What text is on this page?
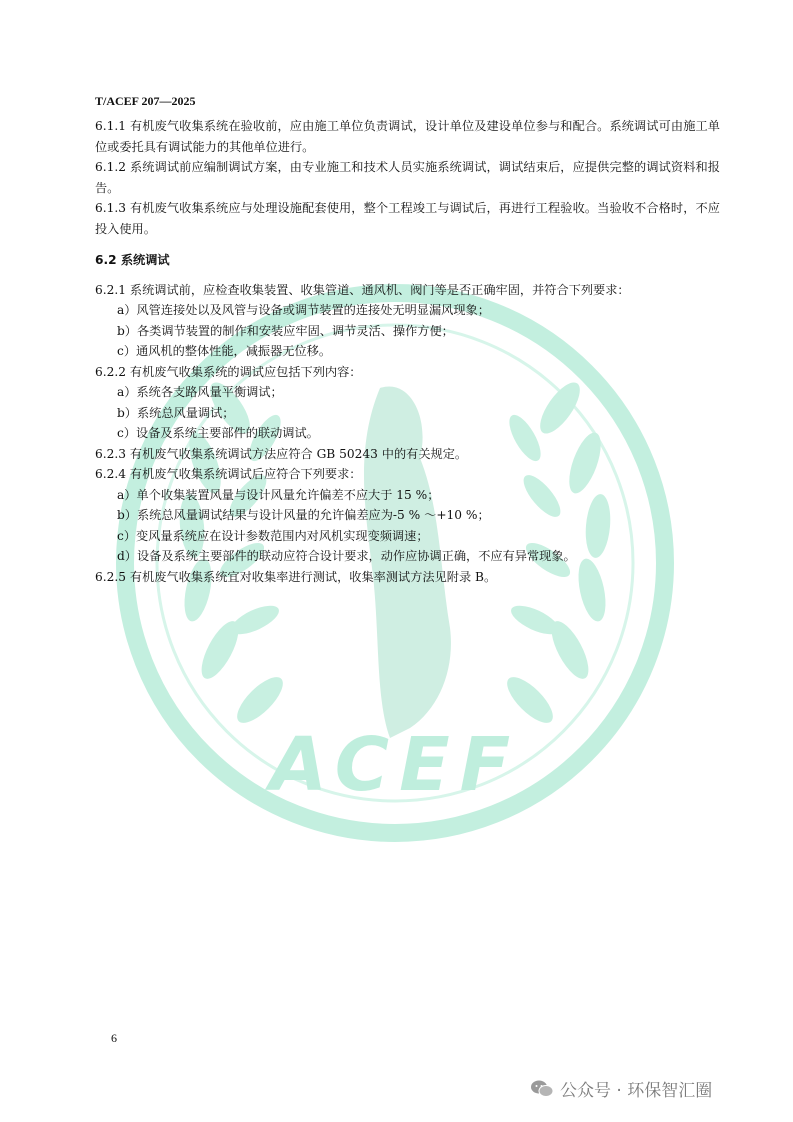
ACEF
T/ACEF 207—2025

6.1.1 有机废气收集系统在验收前，应由施工单位负责调试，设计单位及建设单位参与和配合。系统调试可由施工单位或委托具有调试能力的其他单位进行。

6.1.2 系统调试前应编制调试方案，由专业施工和技术人员实施系统调试，调试结束后，应提供完整的调试资料和报告。

6.1.3 有机废气收集系统应与处理设施配套使用，整个工程竣工与调试后，再进行工程验收。当验收不合格时，不应投入使用。

6.2 系统调试

6.2.1 系统调试前，应检查收集装置、收集管道、通风机、阀门等是否正确牢固，并符合下列要求：

a）风管连接处以及风管与设备或调节装置的连接处无明显漏风现象；

b）各类调节装置的制作和安装应牢固、调节灵活、操作方便；

c）通风机的整体性能，减振器无位移。

6.2.2 有机废气收集系统的调试应包括下列内容：

a）系统各支路风量平衡调试；

b）系统总风量调试；

c）设备及系统主要部件的联动调试。

6.2.3 有机废气收集系统调试方法应符合 GB 50243 中的有关规定。

6.2.4 有机废气收集系统调试后应符合下列要求：

a）单个收集装置风量与设计风量允许偏差不应大于 15 %；

b）系统总风量调试结果与设计风量的允许偏差应为-5 % ～+10 %；

c）变风量系统应在设计参数范围内对风机实现变频调速；

d）设备及系统主要部件的联动应符合设计要求，动作应协调正确，不应有异常现象。

6.2.5 有机废气收集系统宜对收集率进行测试，收集率测试方法见附录 B。

6
公众号 · 环保智汇圈
